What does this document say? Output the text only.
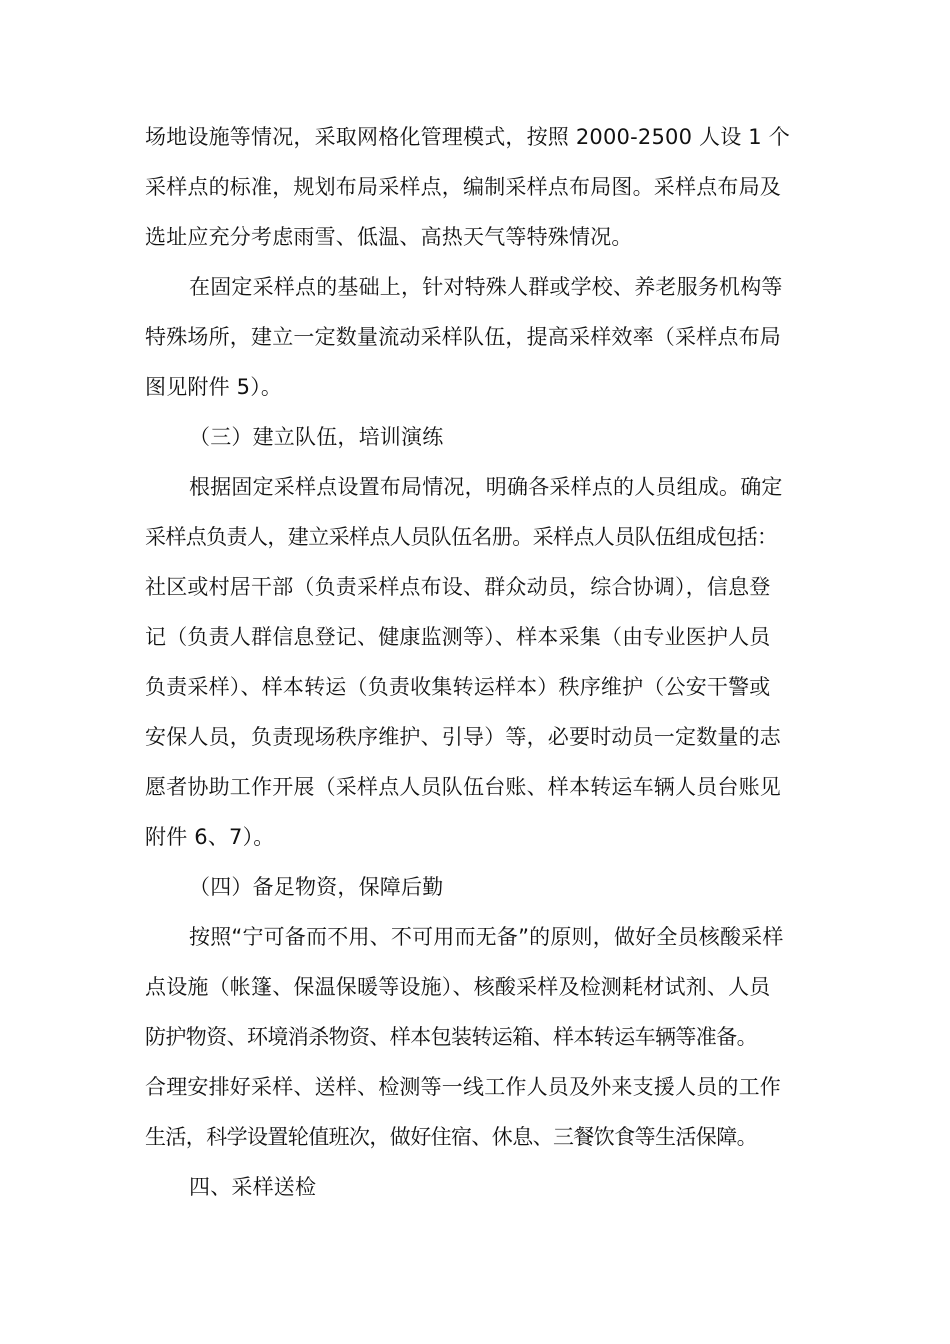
场地设施等情况，采取网格化管理模式，按照 2000-2500 人设 1 个
采样点的标准，规划布局采样点，编制采样点布局图。采样点布局及
选址应充分考虑雨雪、低温、高热天气等特殊情况。
在固定采样点的基础上，针对特殊人群或学校、养老服务机构等
特殊场所，建立一定数量流动采样队伍，提高采样效率（采样点布局
图见附件 5）。
（三）建立队伍，培训演练
根据固定采样点设置布局情况，明确各采样点的人员组成。确定
采样点负责人，建立采样点人员队伍名册。采样点人员队伍组成包括：
社区或村居干部（负责采样点布设、群众动员，综合协调），信息登
记（负责人群信息登记、健康监测等）、样本采集（由专业医护人员
负责采样）、样本转运（负责收集转运样本）秩序维护（公安干警或
安保人员，负责现场秩序维护、引导）等，必要时动员一定数量的志
愿者协助工作开展（采样点人员队伍台账、样本转运车辆人员台账见
附件 6、7）。
（四）备足物资，保障后勤
按照“宁可备而不用、不可用而无备”的原则，做好全员核酸采样
点设施（帐篷、保温保暖等设施）、核酸采样及检测耗材试剂、人员
防护物资、环境消杀物资、样本包装转运箱、样本转运车辆等准备。
合理安排好采样、送样、检测等一线工作人员及外来支援人员的工作
生活，科学设置轮值班次，做好住宿、休息、三餐饮食等生活保障。
四、采样送检
